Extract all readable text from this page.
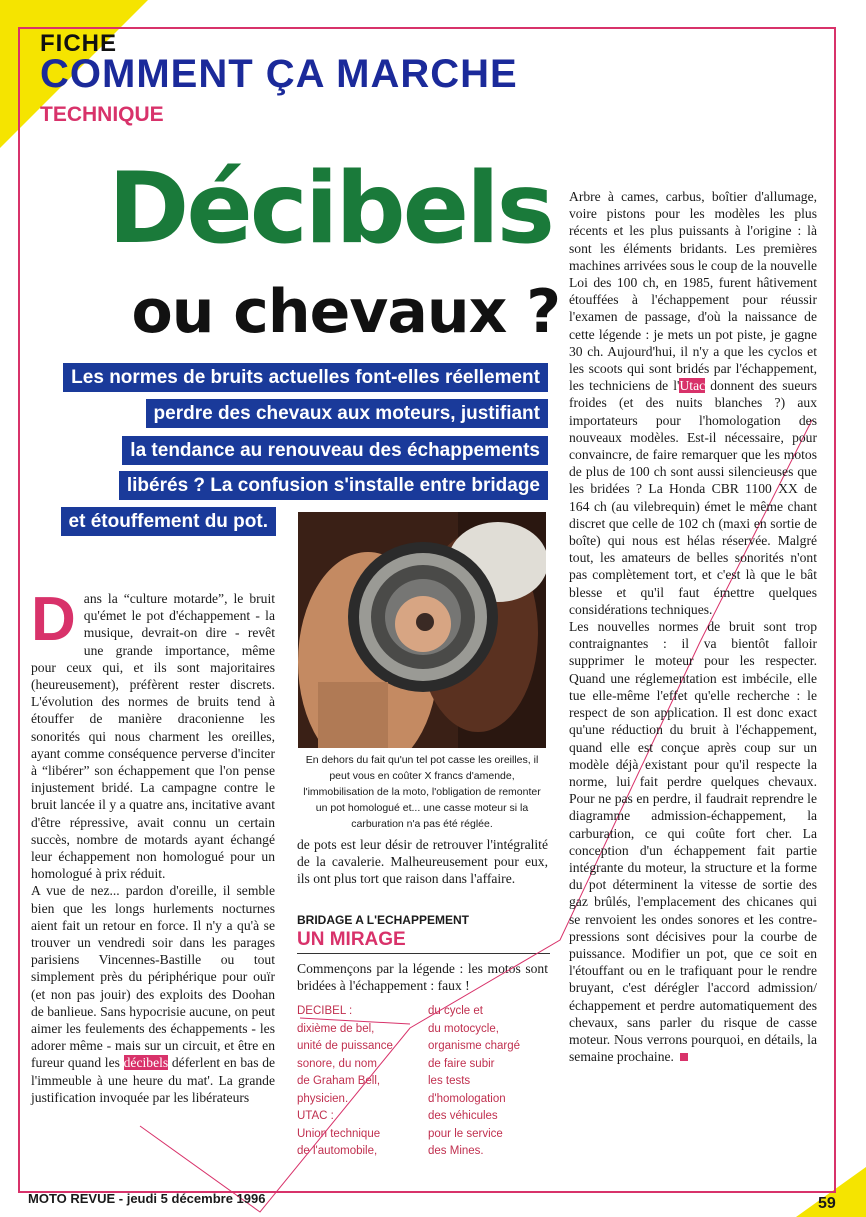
FICHE
COMMENT ÇA MARCHE
TECHNIQUE
Décibels
ou chevaux ?
Les normes de bruits actuelles font-elles réellement
perdre des chevaux aux moteurs, justifiant
la tendance au renouveau des échappements
libérés ? La confusion s'installe entre bridage
et étouffement du pot.

D ans la “culture motarde”, le bruit qu'émet le pot d'échappement - la musique, devrait-on dire - revêt une grande importance, même pour ceux qui, et ils sont majoritaires (heureusement), préfèrent rester discrets. L'évolution des normes de bruits tend à étouffer de manière draconienne les sonorités qui nous charment les oreilles, ayant comme conséquence perverse d'inciter à “libérer” son échappement que l'on pense injustement bridé. La campagne contre le bruit lancée il y a quatre ans, incitative avant d'être répressive, avait connu un certain succès, nombre de motards ayant échangé leur échappement non homologué pour un homologué à prix réduit.

A vue de nez... pardon d'oreille, il semble bien que les longs hurlements nocturnes aient fait un retour en force. Il n'y a qu'à se trouver un vendredi soir dans les parages parisiens Vincennes-Bastille ou tout simplement près du périphérique pour ouïr (et non pas jouir) des exploits des Doohan de banlieue. Sans hypocrisie aucune, on peut aimer les feulements des échappements - les adorer même - mais sur un circuit, et être en fureur quand les décibels déferlent en bas de l'immeuble à une heure du mat'. La grande justification invoquée par les libérateurs

En dehors du fait qu'un tel pot casse les oreilles, il peut vous en coûter X francs d'amende, l'immobilisation de la moto, l'obligation de remonter un pot homologué et... une casse moteur si la carburation n'a pas été réglée.
de pots est leur désir de retrouver l'intégralité de la cavalerie. Malheureusement pour eux, ils ont plus tort que raison dans l'affaire.
BRIDAGE A L'ECHAPPEMENT
UN MIRAGE
Commençons par la légende : les motos sont bridées à l'échappement : faux !
DECIBEL :
dixième de bel,
unité de puissance
sonore, du nom
de Graham Bell,
physicien.
UTAC :
Union technique
de l'automobile,
du cycle et
du motocycle,
organisme chargé
de faire subir
les tests
d'homologation
des véhicules
pour le service
des Mines.

Arbre à cames, carbus, boîtier d'allumage, voire pistons pour les modèles les plus récents et les plus puissants à l'origine : là sont les éléments bridants. Les premières machines arrivées sous le coup de la nouvelle Loi des 100 ch, en 1985, furent hâtivement étouffées à l'échappement pour réussir l'examen de passage, d'où la naissance de cette légende : je mets un pot piste, je gagne 30 ch. Aujourd'hui, il n'y a que les cyclos et les scoots qui sont bridés par l'échappement, les techniciens de l'Utac donnent des sueurs froides (et des nuits blanches ?) aux importateurs pour l'homologation des nouveaux modèles. Est-il nécessaire, pour convaincre, de faire remarquer que les motos de plus de 100 ch sont aussi silencieuses que les bridées ? La Honda CBR 1100 XX de 164 ch (au vilebrequin) émet le même chant discret que celle de 102 ch (maxi en sortie de boîte) qui nous est hélas réservée. Malgré tout, les amateurs de belles sonorités n'ont pas complètement tort, et c'est là que le bât blesse et qu'il faut émettre quelques considérations techniques.

Les nouvelles normes de bruit sont trop contraignantes : il va bientôt falloir supprimer le moteur pour les respecter. Quand une réglementation est imbécile, elle tue elle-même l'effet qu'elle recherche : le respect de son application. Il est donc exact qu'une réduction du bruit à l'échappement, quand elle est conçue après coup sur un modèle déjà existant pour qu'il respecte la norme, lui fait perdre quelques chevaux. Pour ne pas en perdre, il faudrait reprendre le diagramme admission-échappement, la carburation, ce qui coûte fort cher. La conception d'un échappement fait partie intégrante du moteur, la structure et la forme du pot déterminent la vitesse de sortie des gaz brûlés, l'emplacement des chicanes qui se renvoient les ondes sonores et les contre-pressions sont décisives pour la courbe de puissance. Modifier un pot, que ce soit en l'étouffant ou en le trafiquant pour le rendre bruyant, c'est dérégler l'accord admission/échappement et perdre automatiquement des chevaux, sans parler du risque de casse moteur. Nous verrons pourquoi, en détails, la semaine prochaine.

MOTO REVUE - jeudi 5 décembre 1996	59
